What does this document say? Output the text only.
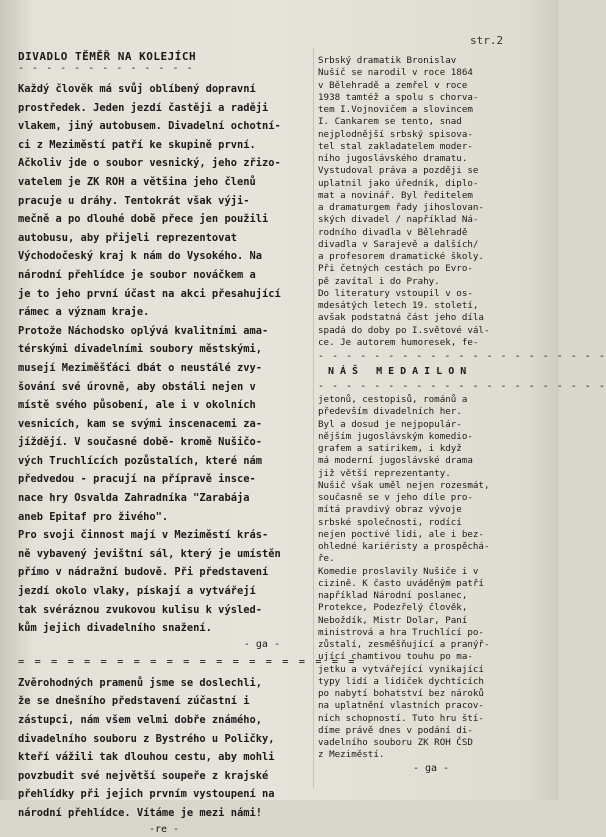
str.2
DIVADLO TĚMĚŘ NA KOLEJÍCH
- - - - - - - - - - - - -
Každý člověk má svůj oblíbený dopravní
prostředek. Jeden jezdí častěji a raději
vlakem, jiný autobusem. Divadelní ochotní-
ci z Meziměstí patří ke skupině první.
Ačkoliv jde o soubor vesnický, jeho zřizo-
vatelem je ZK ROH a většina jeho členů
pracuje u dráhy. Tentokrát však výji-
mečně a po dlouhé době přece jen použili
autobusu, aby přijeli reprezentovat
Východočeský kraj k nám do Vysokého. Na
národní přehlídce je soubor nováčkem a
je to jeho první účast na akci přesahující
rámec a význam kraje.
Protože Náchodsko oplývá kvalitními ama-
térskými divadelními soubory městskými,
musejí Meziměšťáci dbát o neustálé zvy-
šování své úrovně, aby obstáli nejen v
místě svého působení, ale i v okolních
vesnicích, kam se svými inscenacemi za-
jíždějí. V současné době- kromě Nušičo-
vých Truchlících pozůstalích, které nám
předvedou - pracují na přípravě insce-
nace hry Osvalda Zahradníka "Zarabája
aneb Epitaf pro živého".
Pro svoji činnost mají v Meziměstí krás-
ně vybavený jevištní sál, který je umístěn
přímo v nádražní budově. Při představení
jezdí okolo vlaky, pískají a vytvářejí
tak svéráznou zvukovou kulisu k výsled-
kům jejich divadelního snažení.
- ga -
= = = = = = = = = = = = = = = = = = = = =
Zvěrohodných pramenů jsme se doslechli,
že se dnešního představení zúčastní i
zástupci, nám všem velmi dobře známého,
divadelního souboru z Bystrého u Poličky,
kteří vážili tak dlouhou cestu, aby mohli
povzbudit své největší soupeře z krajské
přehlídky při jejich prvním vystoupení na
národní přehlídce. Vítáme je mezi námi!
-re -
Srbský dramatik Bronislav
Nušič se narodil v roce 1864
v Bělehradě a zemřel v roce
1938 tamtéž a spolu s chorva-
tem I.Vojnovičem a slovincem
I. Cankarem se tento, snad
nejplodnější srbský spisova-
tel stal zakladatelem moder-
ního jugoslávského dramatu.
Vystudoval práva a později se
uplatnil jako úředník, diplo-
mat a novinář. Byl ředitelem
a dramaturgem řady jihoslovan-
ských divadel / například Ná-
rodního divadla v Bělehradě
divadla v Sarajevě a dalších/
a profesorem dramatické školy.
Při četných cestách po Evro-
pě zavítal i do Prahy.
Do literatury vstoupil v os-
mdesátých letech 19. století,
avšak podstatná část jeho díla
spadá do doby po I.světové vál-
ce. Je autorem humoresek, fe-
- - - - - - - - - - - - - - - - - - - - -
NÁŠ MEDAILON
- - - - - - - - - - - - - - - - - - - - -
jetonů, cestopisů, románů a
především divadelních her.
Byl a dosud je nejpopulár-
nějším jugoslávským komedio-
grafem a satirikem, i když
má moderní jugoslávské drama
již větší reprezentanty.
Nušič však uměl nejen rozesmát,
současně se v jeho díle pro-
mítá pravdivý obraz vývoje
srbské společnosti, rodící
nejen poctivé lidi, ale i bez-
ohledné kariéristy a prospěchá-
ře.
Komedie proslavily Nušiče i v
cizině. K často uváděným patří
například Národní poslanec,
Protekce, Podezřelý člověk,
Neboždík, Mistr Dolar, Paní
ministrová a hra Truchlící po-
zůstalí, zesměšňující a pranýř-
ující chamtivou touhu po ma-
jetku a vytvářející vynikající
typy lidí a lidiček dychtících
po nabytí bohatství bez nároků
na uplatnění vlastních pracov-
ních schopností. Tuto hru ští-
díme právě dnes v podání di-
vadelního souboru ZK ROH ČSD
z Meziměstí.
- ga -
